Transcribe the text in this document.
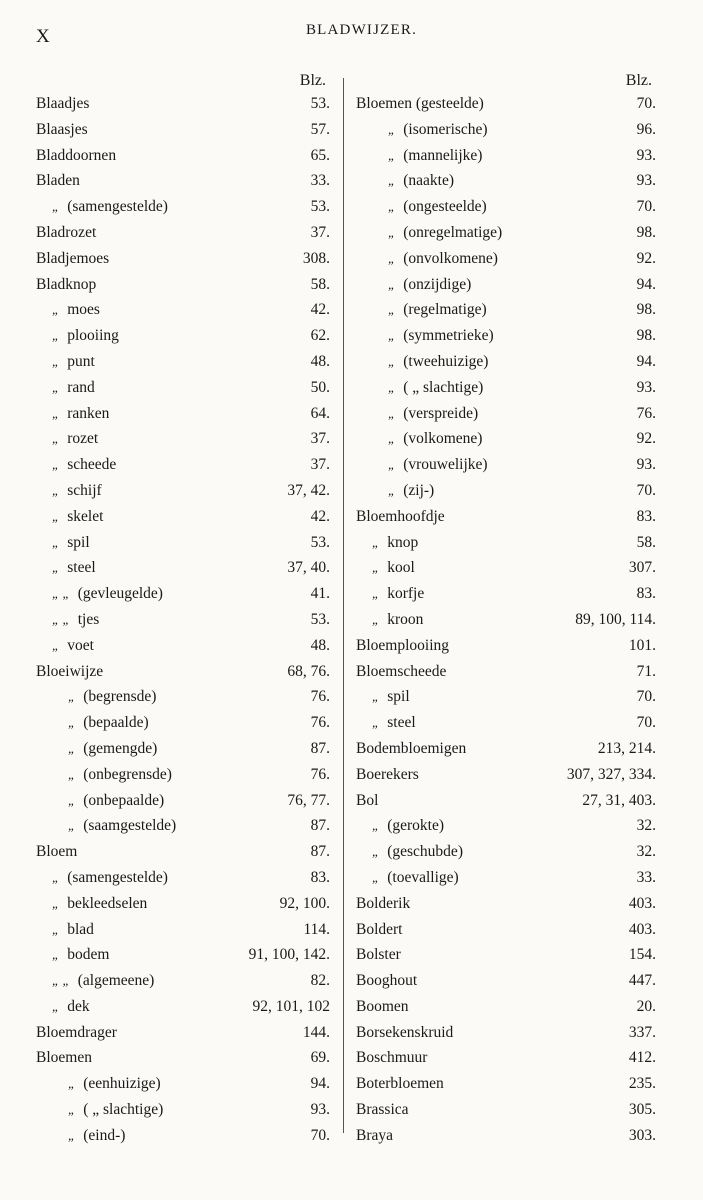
X	BLADWIJZER.
Blz.
Blaadjes	53.
Blaasjes	57.
Bladdoornen	65.
Bladen	33.
„ (samengestelde)	53.
Bladrozet	37.
Bladjemoes	308.
Bladknop	58.
„ moes	42.
„ plooiing	62.
„ punt	48.
„ rand	50.
„ ranken	64.
„ rozet	37.
„ scheede	37.
„ schijf	37, 42.
„ skelet	42.
„ spil	53.
„ steel	37, 40.
„ „ (gevleugelde)	41.
„ „ tjes	53.
„ voet	48.
Bloeiwijze	68, 76.
„ (begrensde)	76.
„ (bepaalde)	76.
„ (gemengde)	87.
„ (onbegrensde)	76.
„ (onbepaalde)	76, 77.
„ (saamgestelde)	87.
Bloem	87.
„ (samengestelde)	83.
„ bekleedselen	92, 100.
„ blad	114.
„ bodem	91, 100, 142.
„ „ (algemeene)	82.
„ dek	92, 101, 102
Bloemdrager	144.
Bloemen	69.
„ (eenhuizige)	94.
„ ( „ slachtige)	93.
„ (eind-)	70.
Blz.
Bloemen (gesteelde)	70.
„ (isomerische)	96.
„ (mannelijke)	93.
„ (naakte)	93.
„ (ongesteelde)	70.
„ (onregelmatige)	98.
„ (onvolkomene)	92.
„ (onzijdige)	94.
„ (regelmatige)	98.
„ (symmetrieke)	98.
„ (tweehuizige)	94.
„ ( „ slachtige)	93.
„ (verspreide)	76.
„ (volkomene)	92.
„ (vrouwelijke)	93.
„ (zij-)	70.
Bloemhoofdje	83.
„ knop	58.
„ kool	307.
„ korfje	83.
„ kroon	89, 100, 114.
Bloemplooiing	101.
Bloemscheede	71.
„ spil	70.
„ steel	70.
Bodembloemigen	213, 214.
Boerekers	307, 327, 334.
Bol	27, 31, 403.
„ (gerokte)	32.
„ (geschubde)	32.
„ (toevallige)	33.
Bolderik	403.
Boldert	403.
Bolster	154.
Booghout	447.
Boomen	20.
Borsekenskruid	337.
Boschmuur	412.
Boterbloemen	235.
Brassica	305.
Braya	303.
